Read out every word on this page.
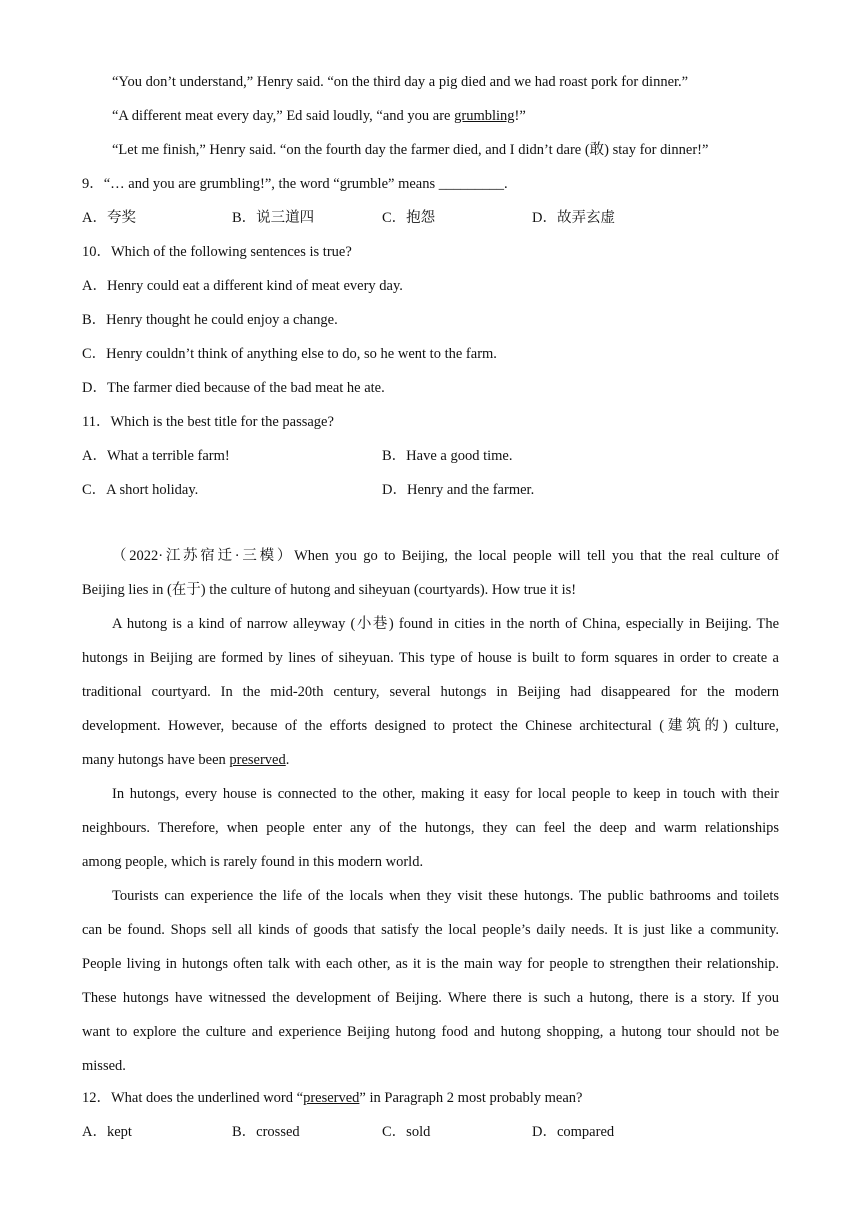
“You don’t understand,” Henry said. “on the third day a pig died and we had roast pork for dinner.”
“A different meat every day,” Ed said loudly, “and you are grumbling!”
“Let me finish,” Henry said. “on the fourth day the farmer died, and I didn’t dare (敢) stay for dinner!”
9．“… and you are grumbling!”, the word “grumble” means _________.
A．夸奖	B．说三道四	C．抱怨	D．故弄玄虚
10．Which of the following sentences is true?
A．Henry could eat a different kind of meat every day.
B．Henry thought he could enjoy a change.
C．Henry couldn’t think of anything else to do, so he went to the farm.
D．The farmer died because of the bad meat he ate.
11．Which is the best title for the passage?
A．What a terrible farm!	B．Have a good time.
C．A short holiday.	D．Henry and the farmer.
（2022·江苏宿迁·三模）When you go to Beijing, the local people will tell you that the real culture of
Beijing lies in (在于) the culture of hutong and siheyuan (courtyards). How true it is!
A hutong is a kind of narrow alleyway (小巷) found in cities in the north of China, especially in Beijing. The
hutongs in Beijing are formed by lines of siheyuan. This type of house is built to form squares in order to create a
traditional courtyard. In the mid-20th century, several hutongs in Beijing had disappeared for the modern
development. However, because of the efforts designed to protect the Chinese architectural (建筑的) culture,
many hutongs have been preserved.
In hutongs, every house is connected to the other, making it easy for local people to keep in touch with their
neighbours. Therefore, when people enter any of the hutongs, they can feel the deep and warm relationships
among people, which is rarely found in this modern world.
Tourists can experience the life of the locals when they visit these hutongs. The public bathrooms and toilets
can be found. Shops sell all kinds of goods that satisfy the local people’s daily needs. It is just like a community.
People living in hutongs often talk with each other, as it is the main way for people to strengthen their relationship.
These hutongs have witnessed the development of Beijing. Where there is such a hutong, there is a story. If you
want to explore the culture and experience Beijing hutong food and hutong shopping, a hutong tour should not be
missed.
12．What does the underlined word “preserved” in Paragraph 2 most probably mean?
A．kept	B．crossed	C．sold	D．compared
